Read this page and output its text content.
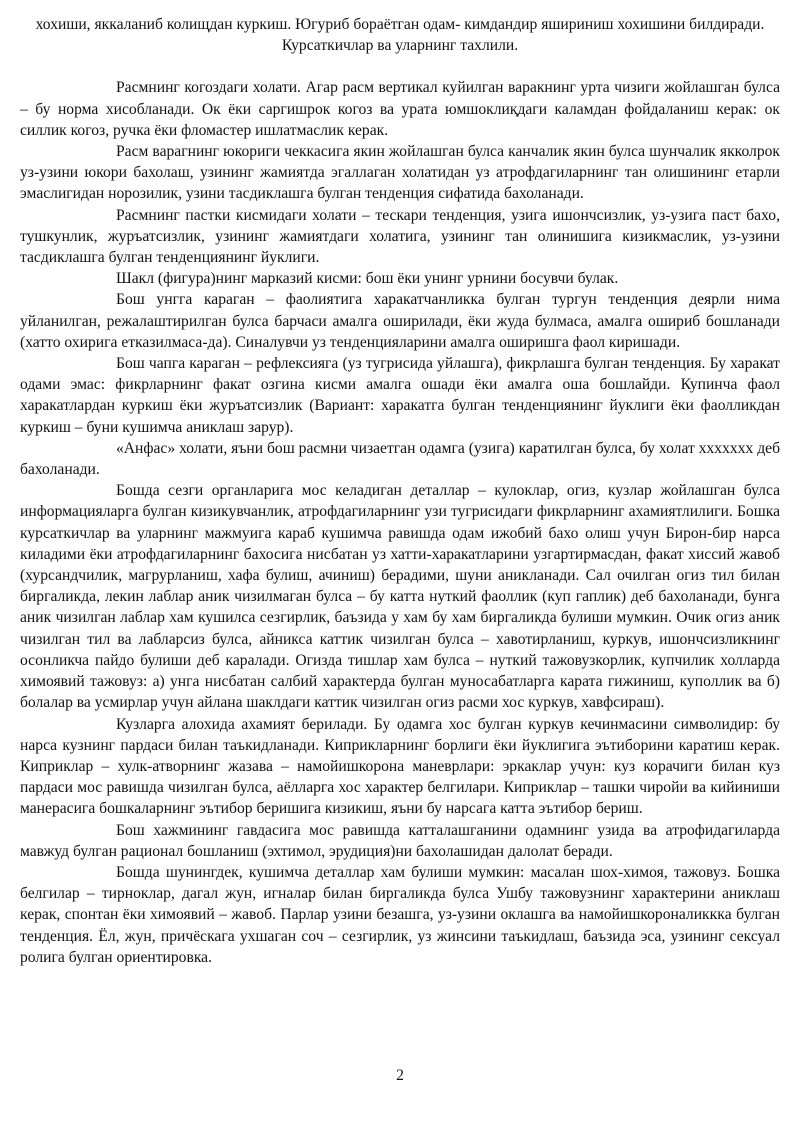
хохиши, яккаланиб колищдан куркиш. Югуриб бораётган одам- кимдандир яшириниш хохишини билдиради.

Курсаткичлар ва уларнинг тахлили.

Расмнинг когоздаги холати. Агар расм вертикал куйилган варакнинг урта чизиги жойлашган булса – бу норма хисобланади. Ок ёки саргишрок когоз ва урата юмшоклиқдаги каламдан фойдаланиш керак: ок силлик когоз, ручка ёки фломастер ишлатмаслик керак.

Расм варагнинг юкориги чеккасига якин жойлашган булса канчалик якин булса шунчалик якколрок уз-узини юкори бахолаш, узининг жамиятда эгаллаган холатидан уз атрофдагиларнинг тан олишининг етарли эмаслигидан норозилик, узини тасдиклашга булган тенденция сифатида бахоланади.

Расмнинг пастки кисмидаги холати – тескари тенденция, узига ишончсизлик, уз-узига паст бахо, тушкунлик, журъатсизлик, узининг жамиятдаги холатига, узининг тан олинишига кизикмаслик, уз-узини тасдиклашга булган тенденциянинг йуклиги.

Шакл (фигура)нинг марказий кисми: бош ёки унинг урнини босувчи булак.

Бош унгга караган – фаолиятига харакатчанликка булган тургун тенденция деярли нима уйланилган, режалаштирилган булса барчаси амалга оширилади, ёки жуда булмаса, амалга ошириб бошланади (хатто охирига етказилмаса-да). Синалувчи уз тенденцияларини амалга оширишга фаол киришади.

Бош чапга караган – рефлексияга (уз тугрисида уйлашга), фикрлашга булган тенденция. Бу харакат одами эмас: фикрларнинг факат озгина кисми амалга ошади ёки амалга оша бошлайди. Купинча фаол харакатлардан куркиш ёки журъатсизлик (Вариант: харакатга булган тенденциянинг йуклиги ёки фаолликдан куркиш – буни кушимча аниклаш зарур).

«Анфас» холати, яъни бош расмни чизаетган одамга (узига) каратилган булса, бу холат ххххххх деб бахоланади.

Бошда сезги органларига мос келадиган деталлар – кулоклар, огиз, кузлар жойлашган булса информацияларга булган кизикувчанлик, атрофдагиларнинг узи тугрисидаги фикрларнинг ахамиятлилиги. Бошка курсаткичлар ва уларнинг мажмуига караб кушимча равишда одам ижобий бахо олиш учун Бирон-бир нарса киладими ёки атрофдагиларнинг бахосига нисбатан уз хатти-харакатларини узгартирмасдан, факат хиссий жавоб (хурсандчилик, магрурланиш, хафа булиш, ачиниш) берадими, шуни аникланади. Сал очилган огиз тил билан биргаликда, лекин лаблар аник чизилмаган булса – бу катта нуткий фаоллик (куп гаплик) деб бахоланади, бунга аник чизилган лаблар хам кушилса сезгирлик, баъзида у хам бу хам биргаликда булиши мумкин. Очик огиз аник чизилган тил ва лабларсиз булса, айникса каттик чизилган булса – хавотирланиш, куркув, ишончсизликнинг осонликча пайдо булиши деб каралади. Огизда тишлар хам булса – нуткий тажовузкорлик, купчилик холларда химоявий тажовуз: а) унга нисбатан салбий характерда булган муносабатларга карата гижиниш, куполлик ва б) болалар ва усмирлар учун айлана шаклдаги каттик чизилган огиз расми хос куркув, хавфсираш).

Кузларга алохида ахамият берилади. Бу одамга хос булган куркув кечинмасини символидир: бу нарса кузнинг пардаси билан таъкидланади. Киприкларнинг борлиги ёки йуклигига эътиборини каратиш керак. Киприклар – хулк-атворнинг жазава – намойишкорона маневрлари: эркаклар учун: куз корачиги билан куз пардаси мос равишда чизилган булса, аёлларга хос характер белгилари. Киприклар – ташки чиройи ва кийиниши манерасига бошкаларнинг эътибор беришига кизикиш, яъни бу нарсага катта эътибор бериш.

Бош хажмининг гавдасига мос равишда катталашганини одамнинг узида ва атрофидагиларда мавжуд булган рационал бошланиш (эхтимол, эрудиция)ни бахолашидан далолат беради.

Бошда шунингдек, кушимча деталлар хам булиши мумкин: масалан шох-химоя, тажовуз. Бошка белгилар – тирноклар, дагал жун, игналар билан биргаликда булса Ушбу тажовузнинг характерини аниклаш керак, спонтан ёки химоявий – жавоб. Парлар узини безашга, уз-узини оклашга ва намойишкороналикккa булган тенденция. Ёл, жун, причёскага ухшаган соч – сезгирлик, уз жинсини таъкидлаш, баъзида эса, узининг сексуал ролига булган ориентировка.

2
